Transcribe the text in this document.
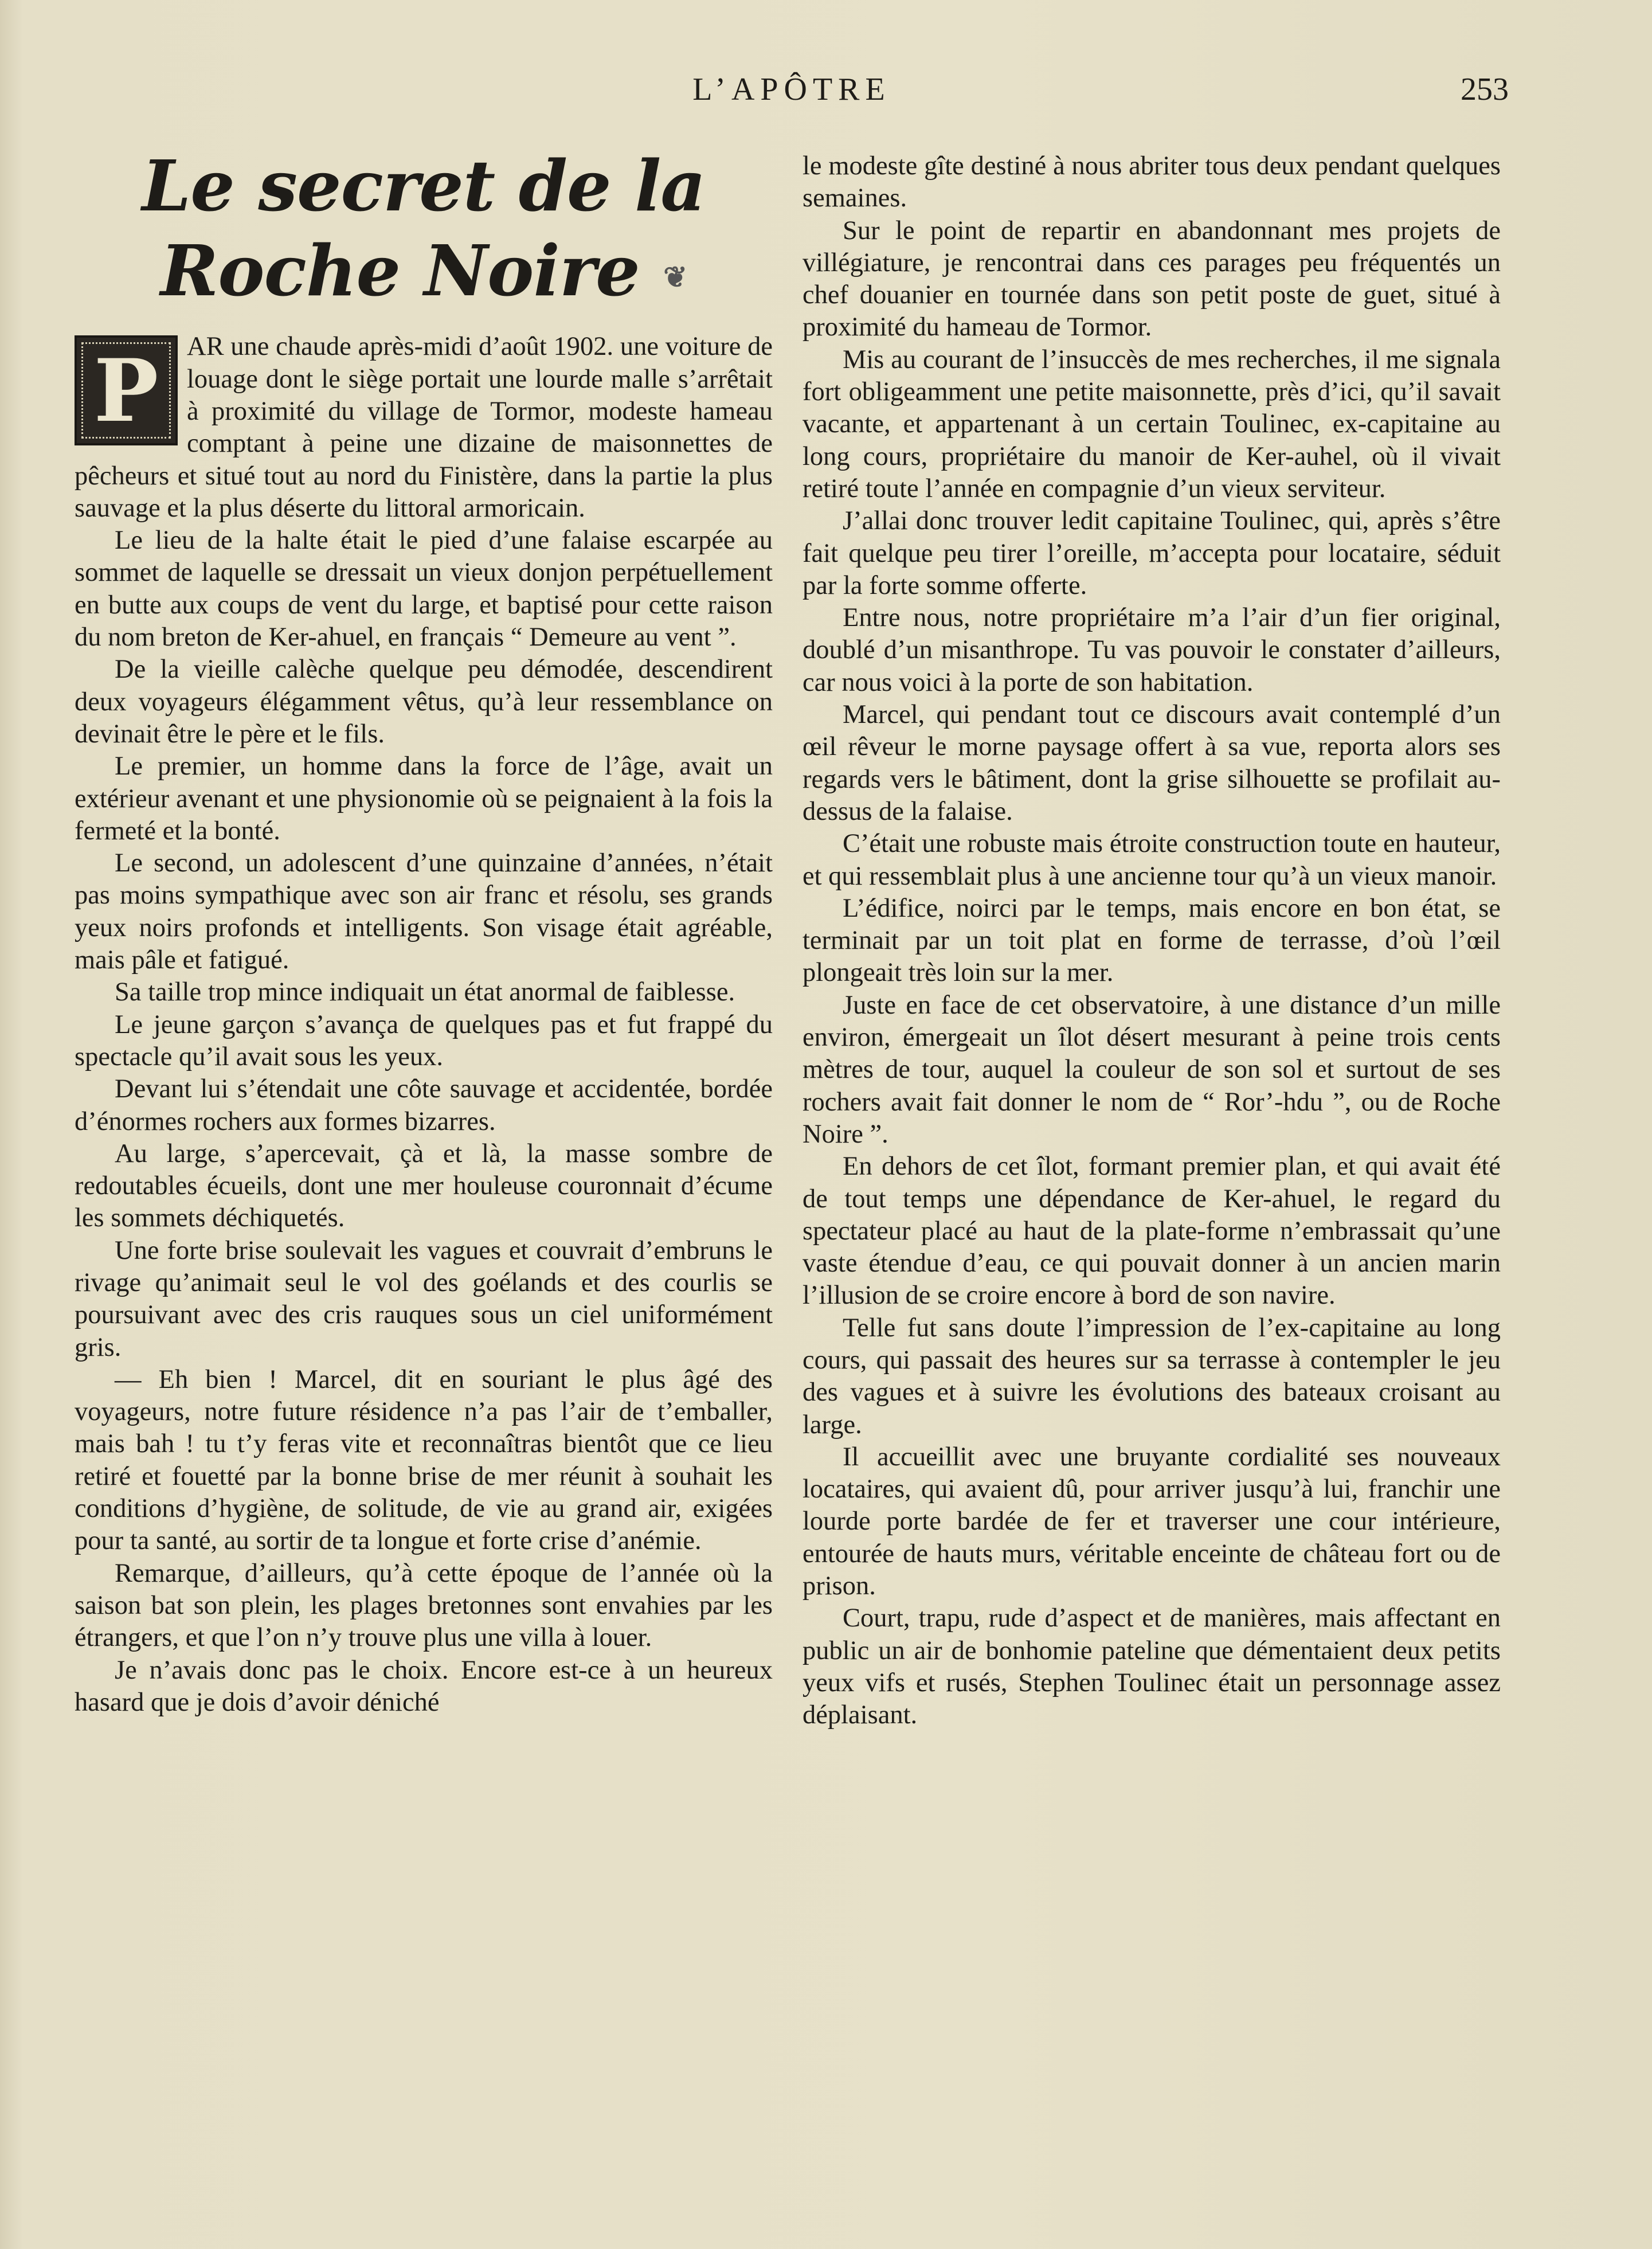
L’APÔTRE	253
Le secret de la Roche Noire ❦

P	AR une chaude après-midi d’août 1902. une voiture de louage dont le siège portait une lourde malle s’arrêtait à proximité du village de Tormor, modeste hameau comptant à peine une dizaine de maisonnettes de pêcheurs et situé tout au nord du Finistère, dans la partie la plus sauvage et la plus déserte du littoral armoricain.

Le lieu de la halte était le pied d’une falaise escarpée au sommet de laquelle se dressait un vieux donjon perpétuellement en butte aux coups de vent du large, et baptisé pour cette raison du nom breton de Ker-ahuel, en français “ Demeure au vent ”.

De la vieille calèche quelque peu démodée, descendirent deux voyageurs élégamment vêtus, qu’à leur ressemblance on devinait être le père et le fils.

Le premier, un homme dans la force de l’âge, avait un extérieur avenant et une physionomie où se peignaient à la fois la fermeté et la bonté.

Le second, un adolescent d’une quinzaine d’années, n’était pas moins sympathique avec son air franc et résolu, ses grands yeux noirs profonds et intelligents. Son visage était agréable, mais pâle et fatigué.

Sa taille trop mince indiquait un état anormal de faiblesse.

Le jeune garçon s’avança de quelques pas et fut frappé du spectacle qu’il avait sous les yeux.

Devant lui s’étendait une côte sauvage et accidentée, bordée d’énormes rochers aux formes bizarres.

Au large, s’apercevait, çà et là, la masse sombre de redoutables écueils, dont une mer houleuse couronnait d’écume les sommets déchiquetés.

Une forte brise soulevait les vagues et couvrait d’embruns le rivage qu’animait seul le vol des goélands et des courlis se poursuivant avec des cris rauques sous un ciel uniformément gris.

— Eh bien ! Marcel, dit en souriant le plus âgé des voyageurs, notre future résidence n’a pas l’air de t’emballer, mais bah ! tu t’y feras vite et reconnaîtras bientôt que ce lieu retiré et fouetté par la bonne brise de mer réunit à souhait les conditions d’hygiène, de solitude, de vie au grand air, exigées pour ta santé, au sortir de ta longue et forte crise d’anémie.

Remarque, d’ailleurs, qu’à cette époque de l’année où la saison bat son plein, les plages bretonnes sont envahies par les étrangers, et que l’on n’y trouve plus une villa à louer.

Je n’avais donc pas le choix. Encore est-ce à un heureux hasard que je dois d’avoir déniché

le modeste gîte destiné à nous abriter tous deux pendant quelques semaines.

Sur le point de repartir en abandonnant mes projets de villégiature, je rencontrai dans ces parages peu fréquentés un chef douanier en tournée dans son petit poste de guet, situé à proximité du hameau de Tormor.

Mis au courant de l’insuccès de mes recherches, il me signala fort obligeamment une petite maisonnette, près d’ici, qu’il savait vacante, et appartenant à un certain Toulinec, ex-capitaine au long cours, propriétaire du manoir de Ker-auhel, où il vivait retiré toute l’année en compagnie d’un vieux serviteur.

J’allai donc trouver ledit capitaine Toulinec, qui, après s’être fait quelque peu tirer l’oreille, m’accepta pour locataire, séduit par la forte somme offerte.

Entre nous, notre propriétaire m’a l’air d’un fier original, doublé d’un misanthrope. Tu vas pouvoir le constater d’ailleurs, car nous voici à la porte de son habitation.

Marcel, qui pendant tout ce discours avait contemplé d’un œil rêveur le morne paysage offert à sa vue, reporta alors ses regards vers le bâtiment, dont la grise silhouette se profilait au-dessus de la falaise.

C’était une robuste mais étroite construction toute en hauteur, et qui ressemblait plus à une ancienne tour qu’à un vieux manoir.

L’édifice, noirci par le temps, mais encore en bon état, se terminait par un toit plat en forme de terrasse, d’où l’œil plongeait très loin sur la mer.

Juste en face de cet observatoire, à une distance d’un mille environ, émergeait un îlot désert mesurant à peine trois cents mètres de tour, auquel la couleur de son sol et surtout de ses rochers avait fait donner le nom de “ Ror’-hdu ”, ou de Roche Noire ”.

En dehors de cet îlot, formant premier plan, et qui avait été de tout temps une dépendance de Ker-ahuel, le regard du spectateur placé au haut de la plate-forme n’embrassait qu’une vaste étendue d’eau, ce qui pouvait donner à un ancien marin l’illusion de se croire encore à bord de son navire.

Telle fut sans doute l’impression de l’ex-capitaine au long cours, qui passait des heures sur sa terrasse à contempler le jeu des vagues et à suivre les évolutions des bateaux croisant au large.

Il accueillit avec une bruyante cordialité ses nouveaux locataires, qui avaient dû, pour arriver jusqu’à lui, franchir une lourde porte bardée de fer et traverser une cour intérieure, entourée de hauts murs, véritable enceinte de château fort ou de prison.

Court, trapu, rude d’aspect et de manières, mais affectant en public un air de bonhomie pateline que démentaient deux petits yeux vifs et rusés, Stephen Toulinec était un personnage assez déplaisant.
